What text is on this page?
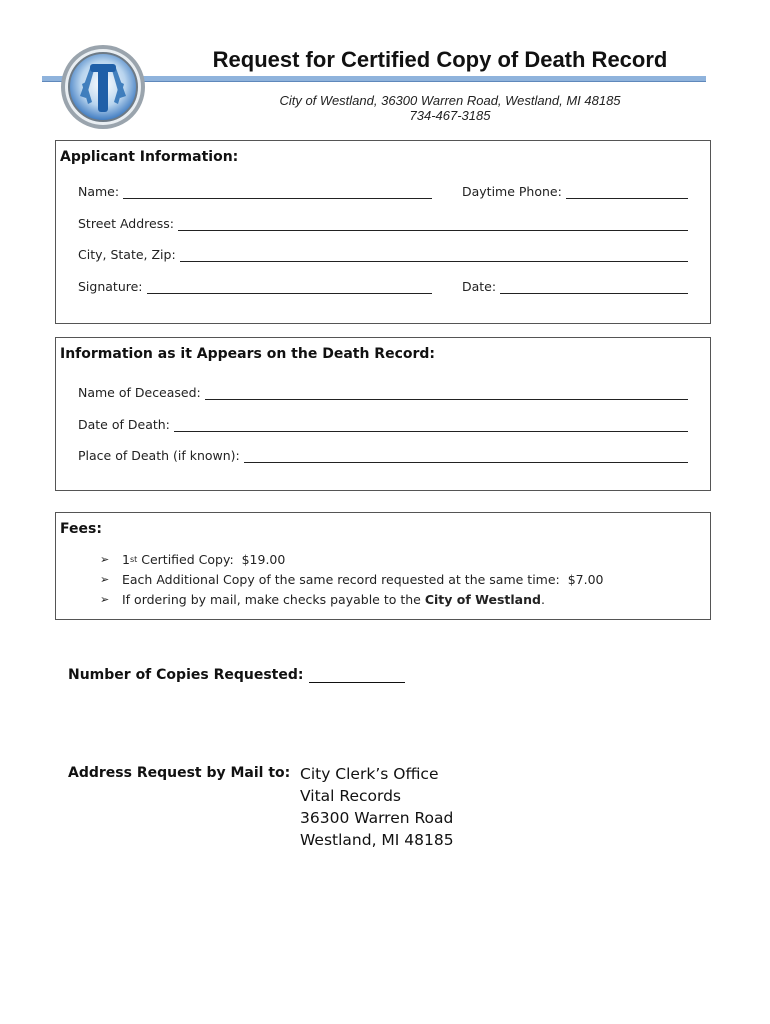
Request for Certified Copy of Death Record
City of Westland, 36300 Warren Road, Westland, MI 48185
734-467-3185
Applicant Information:
Name:	Daytime Phone:
Street Address:
City, State, Zip:
Signature:	Date:
Information as it Appears on the Death Record:
Name of Deceased:
Date of Death:
Place of Death (if known):
Fees:
➢	1 st Certified Copy:  $19.00
➢	Each Additional Copy of the same record requested at the same time:  $7.00
➢	If ordering by mail, make checks payable to the City of Westland .
Number of Copies Requested:
Address Request by Mail to: City Clerk’s Office
Vital Records
36300 Warren Road
Westland, MI 48185
